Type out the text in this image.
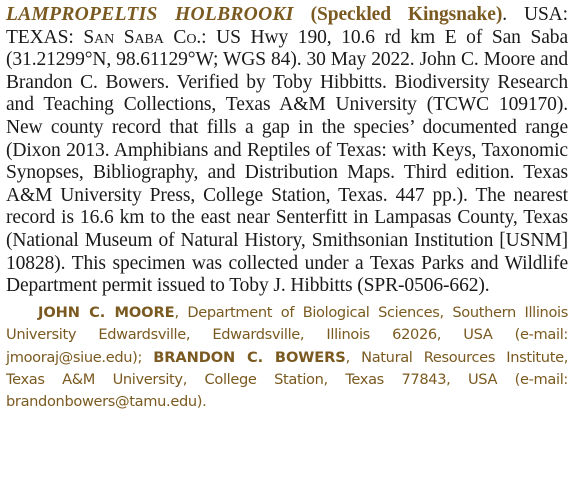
LAMPROPELTIS HOLBROOKI (Speckled Kingsnake). USA: TEXAS: San Saba Co.: US Hwy 190, 10.6 rd km E of San Saba (31.21299°N, 98.61129°W; WGS 84). 30 May 2022. John C. Moore and Brandon C. Bowers. Verified by Toby Hibbitts. Biodiversity Research and Teaching Collections, Texas A&M University (TCWC 109170). New county record that fills a gap in the species’ documented range (Dixon 2013. Amphibians and Reptiles of Texas: with Keys, Taxonomic Synopses, Bibliography, and Distribution Maps. Third edition. Texas A&M University Press, College Station, Texas. 447 pp.). The nearest record is 16.6 km to the east near Senterfitt in Lampasas County, Texas (National Museum of Natural History, Smithsonian Institution [USNM] 10828). This specimen was collected under a Texas Parks and Wildlife Department permit issued to Toby J. Hibbitts (SPR-0506-662).

JOHN C. MOORE, Department of Biological Sciences, Southern Illinois University Edwardsville, Edwardsville, Illinois 62026, USA (e-mail: jmooraj@siue.edu); BRANDON C. BOWERS, Natural Resources Institute, Texas A&M University, College Station, Texas 77843, USA (e-mail: brandonbowers@tamu.edu).
